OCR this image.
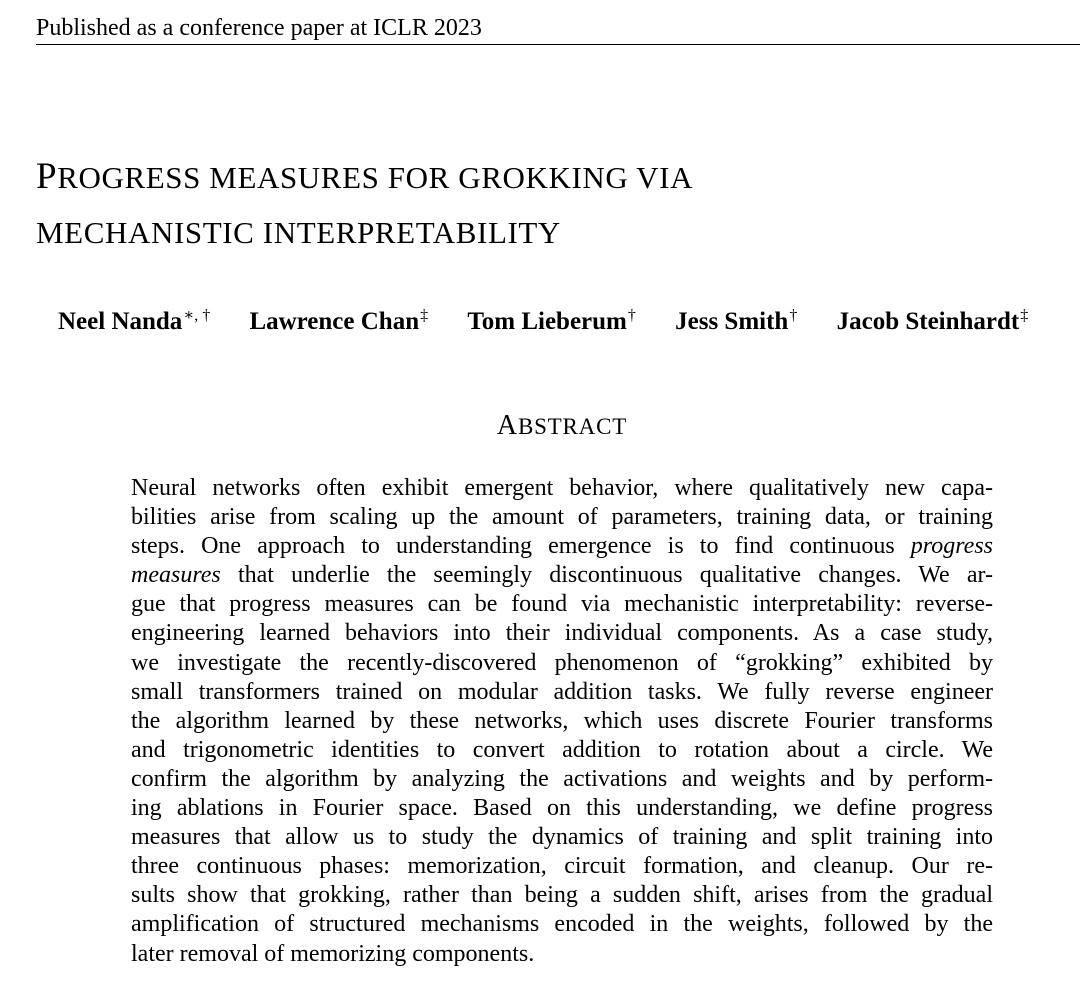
Published as a conference paper at ICLR 2023
PROGRESS MEASURES FOR GROKKING VIA
MECHANISTIC INTERPRETABILITY
Neel Nanda∗, † Lawrence Chan‡ Tom Lieberum† Jess Smith† Jacob Steinhardt‡
ABSTRACT
Neural networks often exhibit emergent behavior, where qualitatively new capa-
bilities arise from scaling up the amount of parameters, training data, or training
steps. One approach to understanding emergence is to find continuous progress
measures that underlie the seemingly discontinuous qualitative changes. We ar-
gue that progress measures can be found via mechanistic interpretability: reverse-
engineering learned behaviors into their individual components. As a case study,
we investigate the recently-discovered phenomenon of “grokking” exhibited by
small transformers trained on modular addition tasks. We fully reverse engineer
the algorithm learned by these networks, which uses discrete Fourier transforms
and trigonometric identities to convert addition to rotation about a circle. We
confirm the algorithm by analyzing the activations and weights and by perform-
ing ablations in Fourier space. Based on this understanding, we define progress
measures that allow us to study the dynamics of training and split training into
three continuous phases: memorization, circuit formation, and cleanup. Our re-
sults show that grokking, rather than being a sudden shift, arises from the gradual
amplification of structured mechanisms encoded in the weights, followed by the
later removal of memorizing components.
